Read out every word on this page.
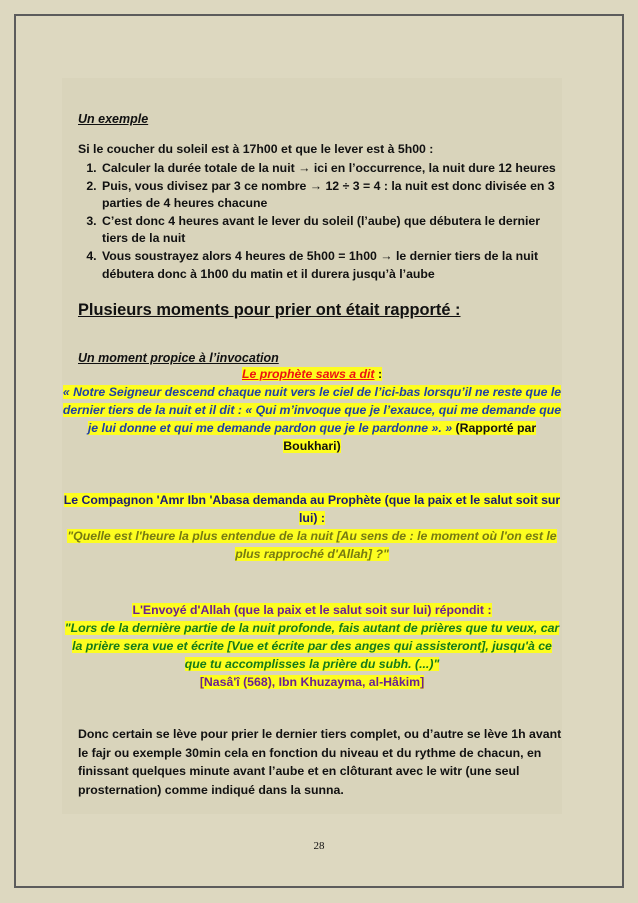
Un exemple
Si le coucher du soleil est à 17h00 et que le lever est à 5h00 :
1. Calculer la durée totale de la nuit → ici en l’occurrence, la nuit dure 12 heures
2. Puis, vous divisez par 3 ce nombre → 12 ÷ 3 = 4 : la nuit est donc divisée en 3 parties de 4 heures chacune
3. C’est donc 4 heures avant le lever du soleil (l’aube) que débutera le dernier tiers de la nuit
4. Vous soustrayez alors 4 heures de 5h00 = 1h00 → le dernier tiers de la nuit débutera donc à 1h00 du matin et il durera jusqu’à l’aube
Plusieurs moments pour prier ont était rapporté :
Un moment propice à l’invocation
Le prophète saws a dit :
« Notre Seigneur descend chaque nuit vers le ciel de l’ici-bas lorsqu’il ne reste que le dernier tiers de la nuit et il dit : « Qui m’invoque que je l’exauce, qui me demande que je lui donne et qui me demande pardon que je le pardonne ». » (Rapporté par Boukhari)
Le Compagnon 'Amr Ibn 'Abasa demanda au Prophète (que la paix et le salut soit sur lui) :
"Quelle est l'heure la plus entendue de la nuit [Au sens de : le moment où l'on est le plus rapproché d'Allah] ?"
L'Envoyé d'Allah (que la paix et le salut soit sur lui) répondit :
"Lors de la dernière partie de la nuit profonde, fais autant de prières que tu veux, car la prière sera vue et écrite [Vue et écrite par des anges qui assisteront], jusqu'à ce que tu accomplisses la prière du subh. (...)"
[Nasâ'î (568), Ibn Khuzayma, al-Hâkim]
Donc certain se lève pour prier le dernier tiers complet, ou d’autre se lève 1h avant le fajr ou exemple 30min cela en fonction du niveau et du rythme de chacun, en finissant quelques minute avant l’aube et en clôturant avec le witr (une seul prosternation) comme indiqué dans la sunna.
28
